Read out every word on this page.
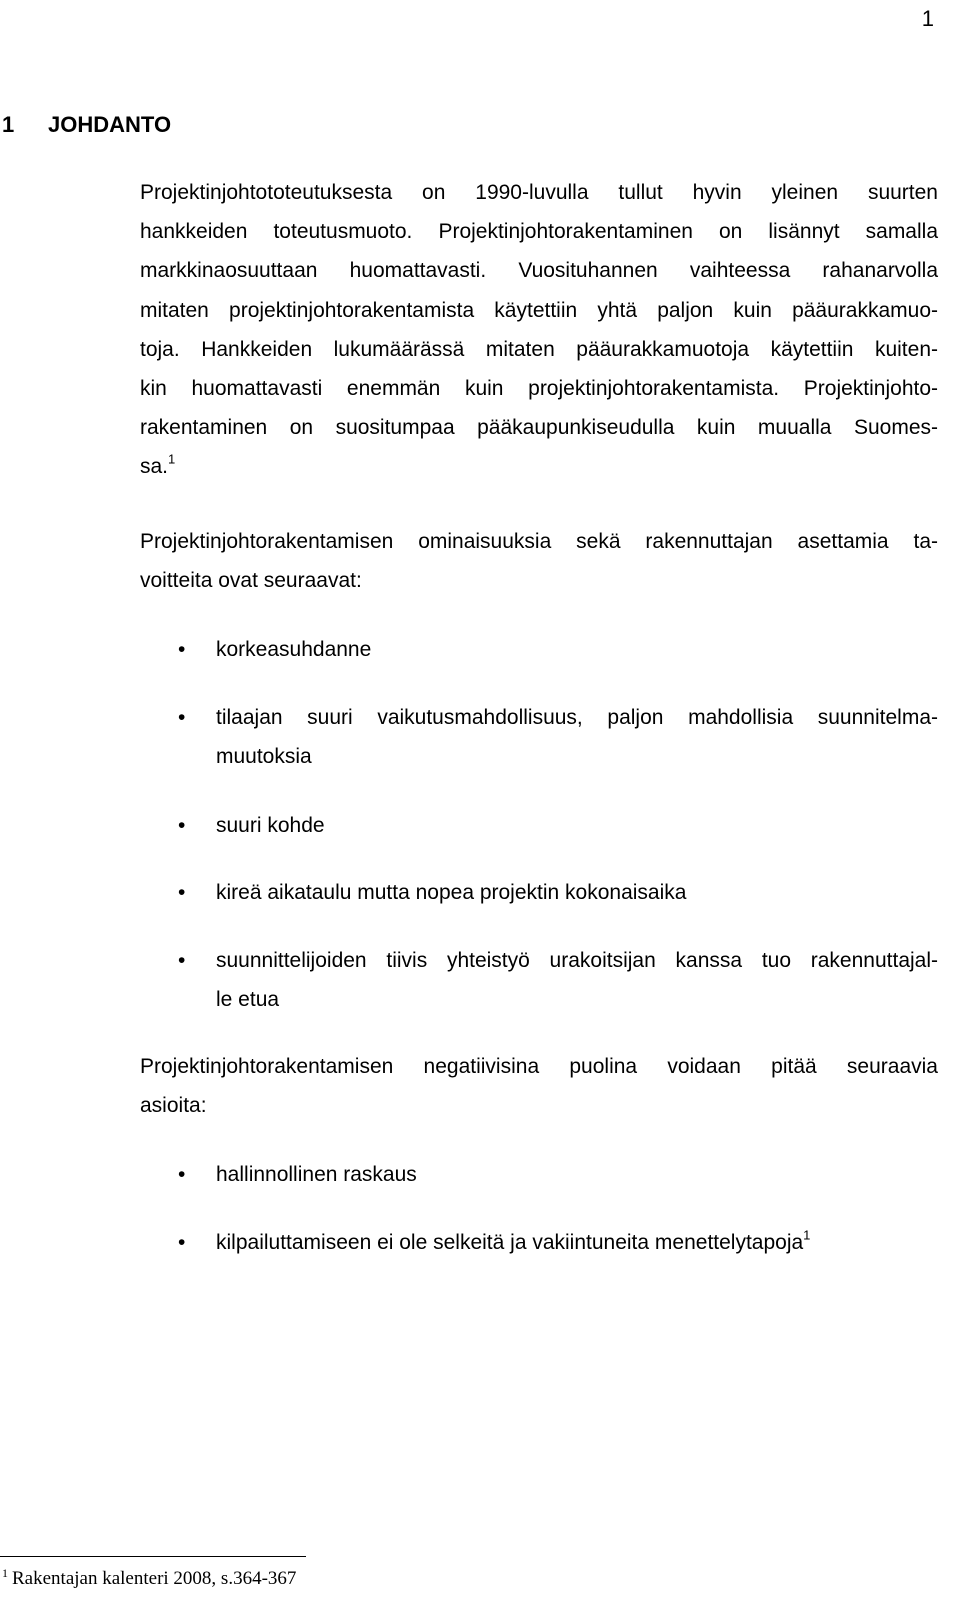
1
1 JOHDANTO
Projektinjohtototeutuksesta on 1990-luvulla tullut hyvin yleinen suurten
hankkeiden toteutusmuoto. Projektinjohtorakentaminen on lisännyt samalla
markkinaosuuttaan huomattavasti. Vuosituhannen vaihteessa rahanarvolla
mitaten projektinjohtorakentamista käytettiin yhtä paljon kuin pääurakkamuo-
toja. Hankkeiden lukumäärässä mitaten pääurakkamuotoja käytettiin kuiten-
kin huomattavasti enemmän kuin projektinjohtorakentamista. Projektinjohto-
rakentaminen on suositumpaa pääkaupunkiseudulla kuin muualla Suomes-
sa.$^1$
Projektinjohtorakentamisen ominaisuuksia sekä rakennuttajan asettamia ta-
voitteita ovat seuraavat:
• korkeasuhdanne
• tilaajan suuri vaikutusmahdollisuus, paljon mahdollisia suunnitelma-
muutoksia
• suuri kohde
• kireä aikataulu mutta nopea projektin kokonaisaika
• suunnittelijoiden tiivis yhteistyö urakoitsijan kanssa tuo rakennuttajal-
le etua
Projektinjohtorakentamisen negatiivisina puolina voidaan pitää seuraavia
asioita:
• hallinnollinen raskaus
• kilpailuttamiseen ei ole selkeitä ja vakiintuneita menettelytapoja$^1$

$^1$ Rakentajan kalenteri 2008, s.364-367
